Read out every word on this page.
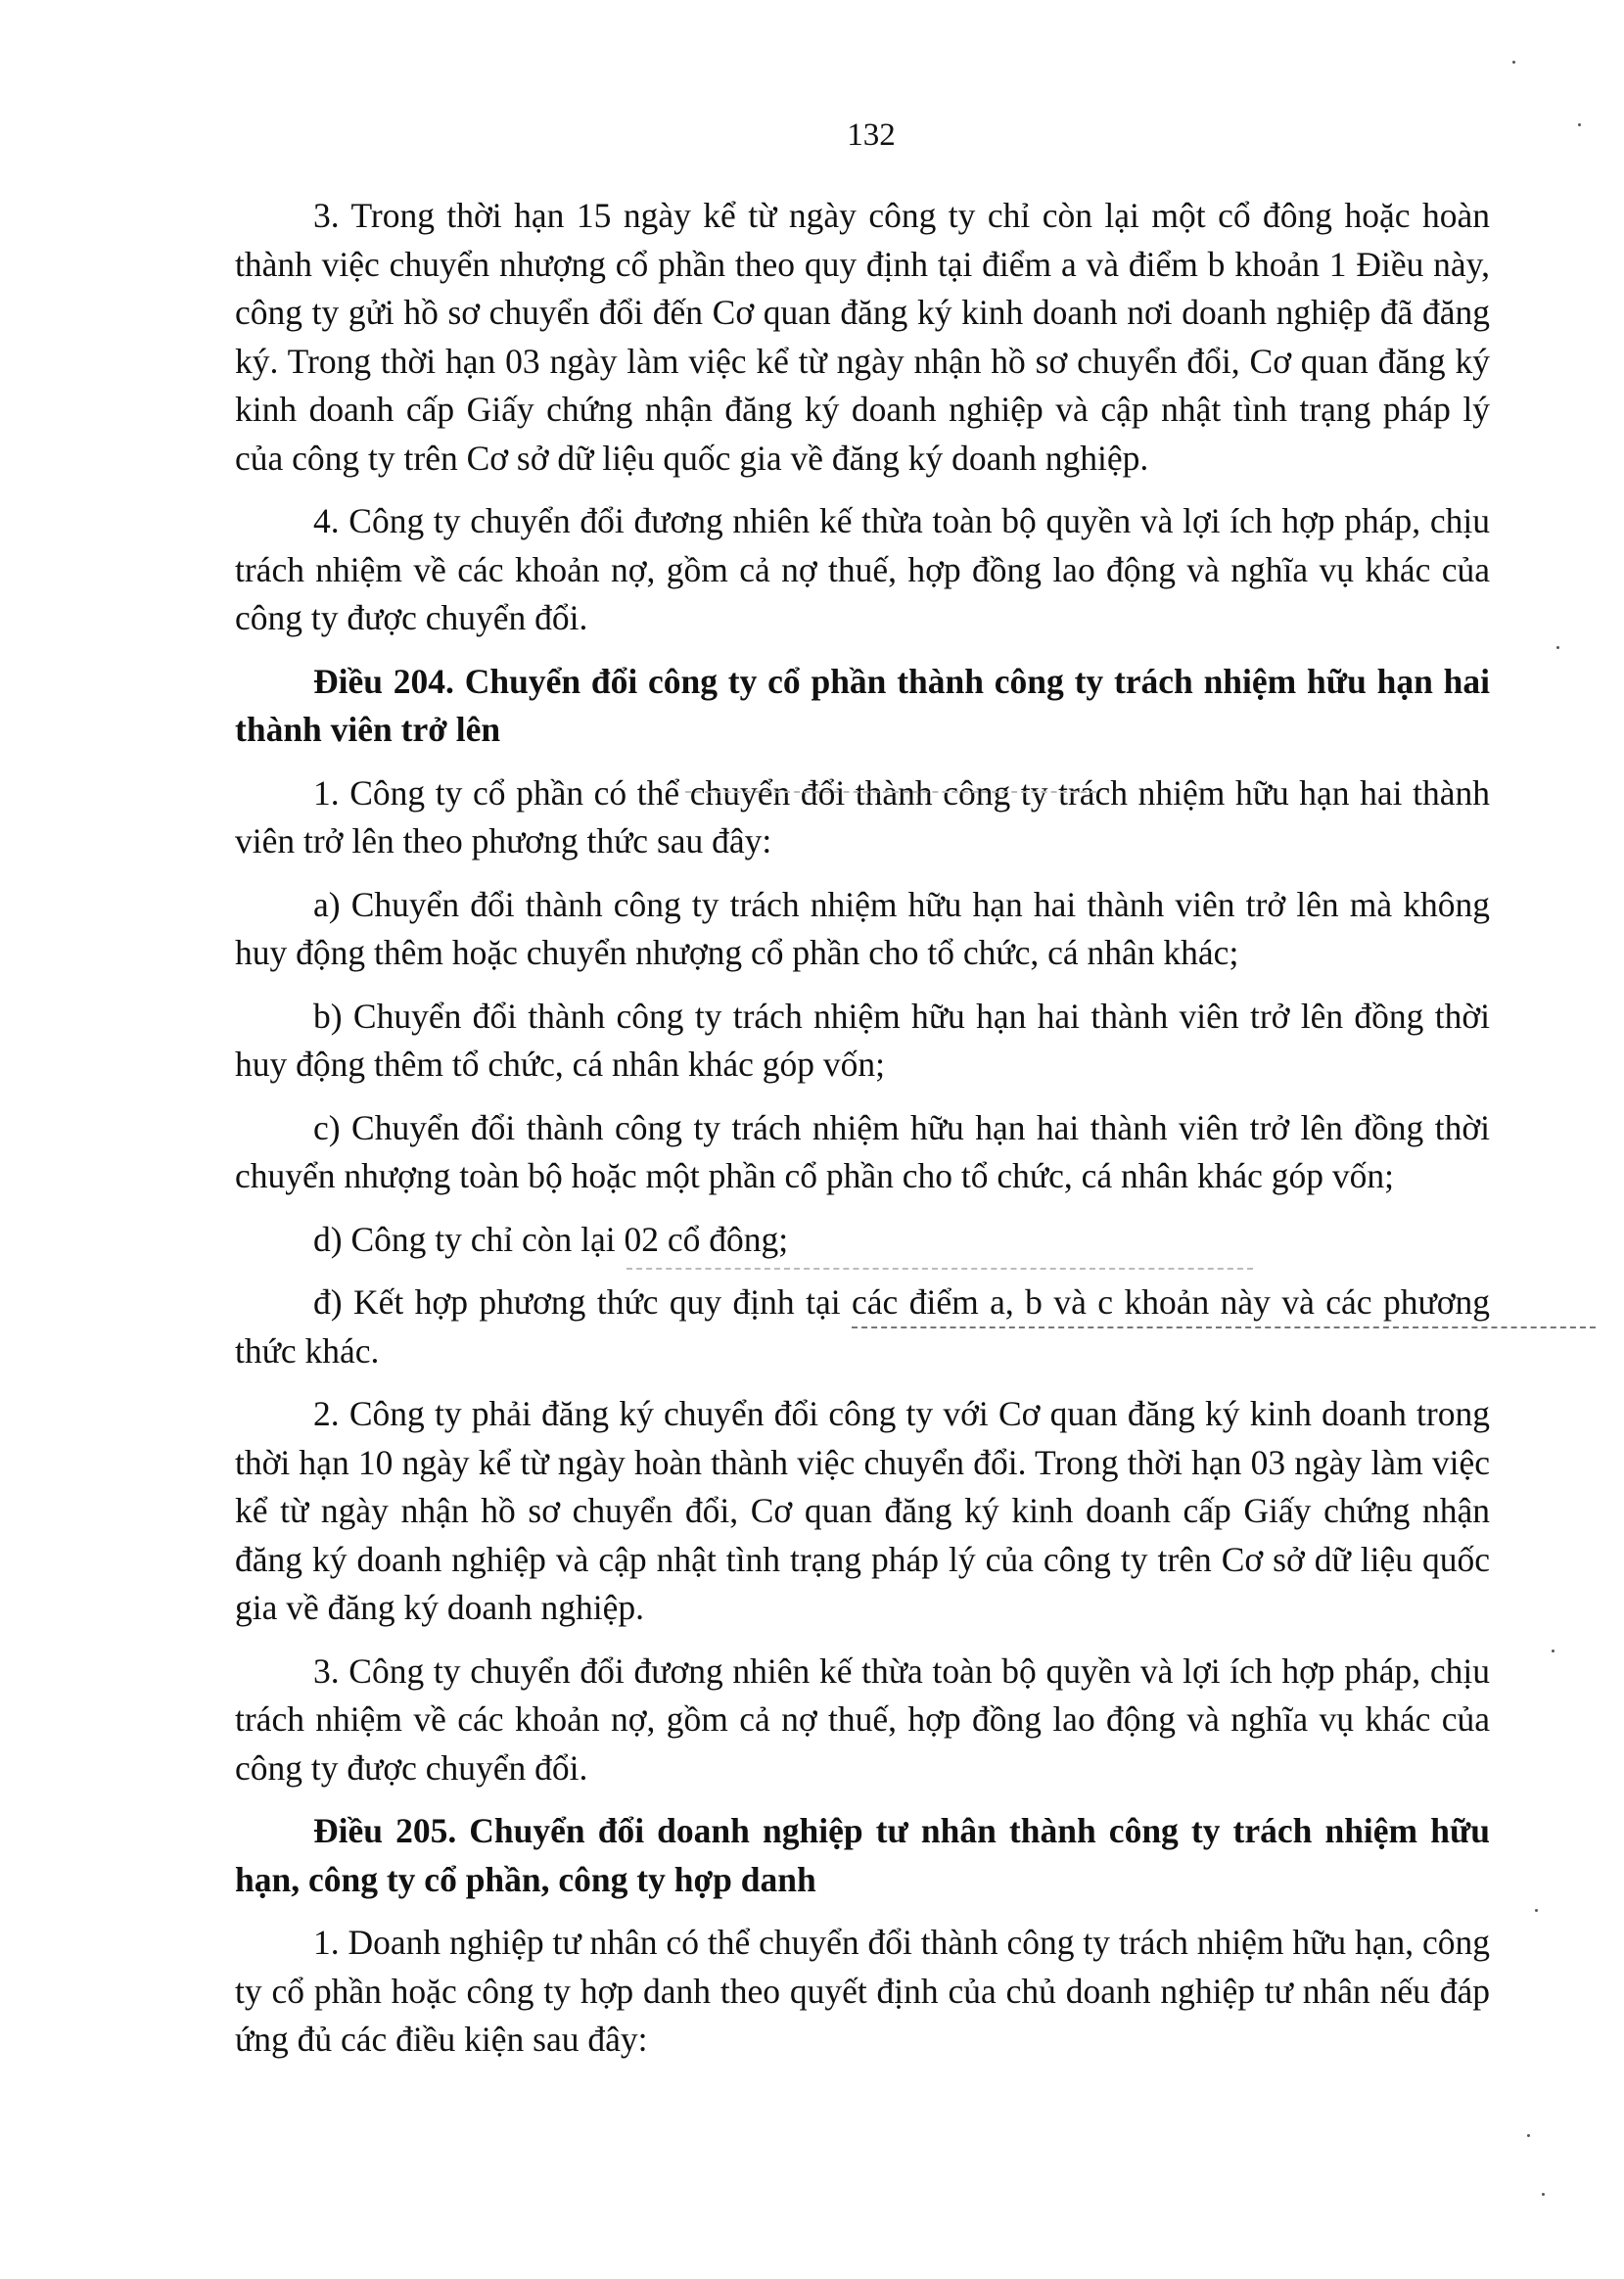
132

3. Trong thời hạn 15 ngày kể từ ngày công ty chỉ còn lại một cổ đông hoặc hoàn thành việc chuyển nhượng cổ phần theo quy định tại điểm a và điểm b khoản 1 Điều này, công ty gửi hồ sơ chuyển đổi đến Cơ quan đăng ký kinh doanh nơi doanh nghiệp đã đăng ký. Trong thời hạn 03 ngày làm việc kể từ ngày nhận hồ sơ chuyển đổi, Cơ quan đăng ký kinh doanh cấp Giấy chứng nhận đăng ký doanh nghiệp và cập nhật tình trạng pháp lý của công ty trên Cơ sở dữ liệu quốc gia về đăng ký doanh nghiệp.

4. Công ty chuyển đổi đương nhiên kế thừa toàn bộ quyền và lợi ích hợp pháp, chịu trách nhiệm về các khoản nợ, gồm cả nợ thuế, hợp đồng lao động và nghĩa vụ khác của công ty được chuyển đổi.

Điều 204. Chuyển đổi công ty cổ phần thành công ty trách nhiệm hữu hạn hai thành viên trở lên

1. Công ty cổ phần có thể chuyển đổi thành công ty trách nhiệm hữu hạn hai thành viên trở lên theo phương thức sau đây:

a) Chuyển đổi thành công ty trách nhiệm hữu hạn hai thành viên trở lên mà không huy động thêm hoặc chuyển nhượng cổ phần cho tổ chức, cá nhân khác;

b) Chuyển đổi thành công ty trách nhiệm hữu hạn hai thành viên trở lên đồng thời huy động thêm tổ chức, cá nhân khác góp vốn;

c) Chuyển đổi thành công ty trách nhiệm hữu hạn hai thành viên trở lên đồng thời chuyển nhượng toàn bộ hoặc một phần cổ phần cho tổ chức, cá nhân khác góp vốn;

d) Công ty chỉ còn lại 02 cổ đông;

đ) Kết hợp phương thức quy định tại các điểm a, b và c khoản này và các phương thức khác.

2. Công ty phải đăng ký chuyển đổi công ty với Cơ quan đăng ký kinh doanh trong thời hạn 10 ngày kể từ ngày hoàn thành việc chuyển đổi. Trong thời hạn 03 ngày làm việc kể từ ngày nhận hồ sơ chuyển đổi, Cơ quan đăng ký kinh doanh cấp Giấy chứng nhận đăng ký doanh nghiệp và cập nhật tình trạng pháp lý của công ty trên Cơ sở dữ liệu quốc gia về đăng ký doanh nghiệp.

3. Công ty chuyển đổi đương nhiên kế thừa toàn bộ quyền và lợi ích hợp pháp, chịu trách nhiệm về các khoản nợ, gồm cả nợ thuế, hợp đồng lao động và nghĩa vụ khác của công ty được chuyển đổi.

Điều 205. Chuyển đổi doanh nghiệp tư nhân thành công ty trách nhiệm hữu hạn, công ty cổ phần, công ty hợp danh

1. Doanh nghiệp tư nhân có thể chuyển đổi thành công ty trách nhiệm hữu hạn, công ty cổ phần hoặc công ty hợp danh theo quyết định của chủ doanh nghiệp tư nhân nếu đáp ứng đủ các điều kiện sau đây:
